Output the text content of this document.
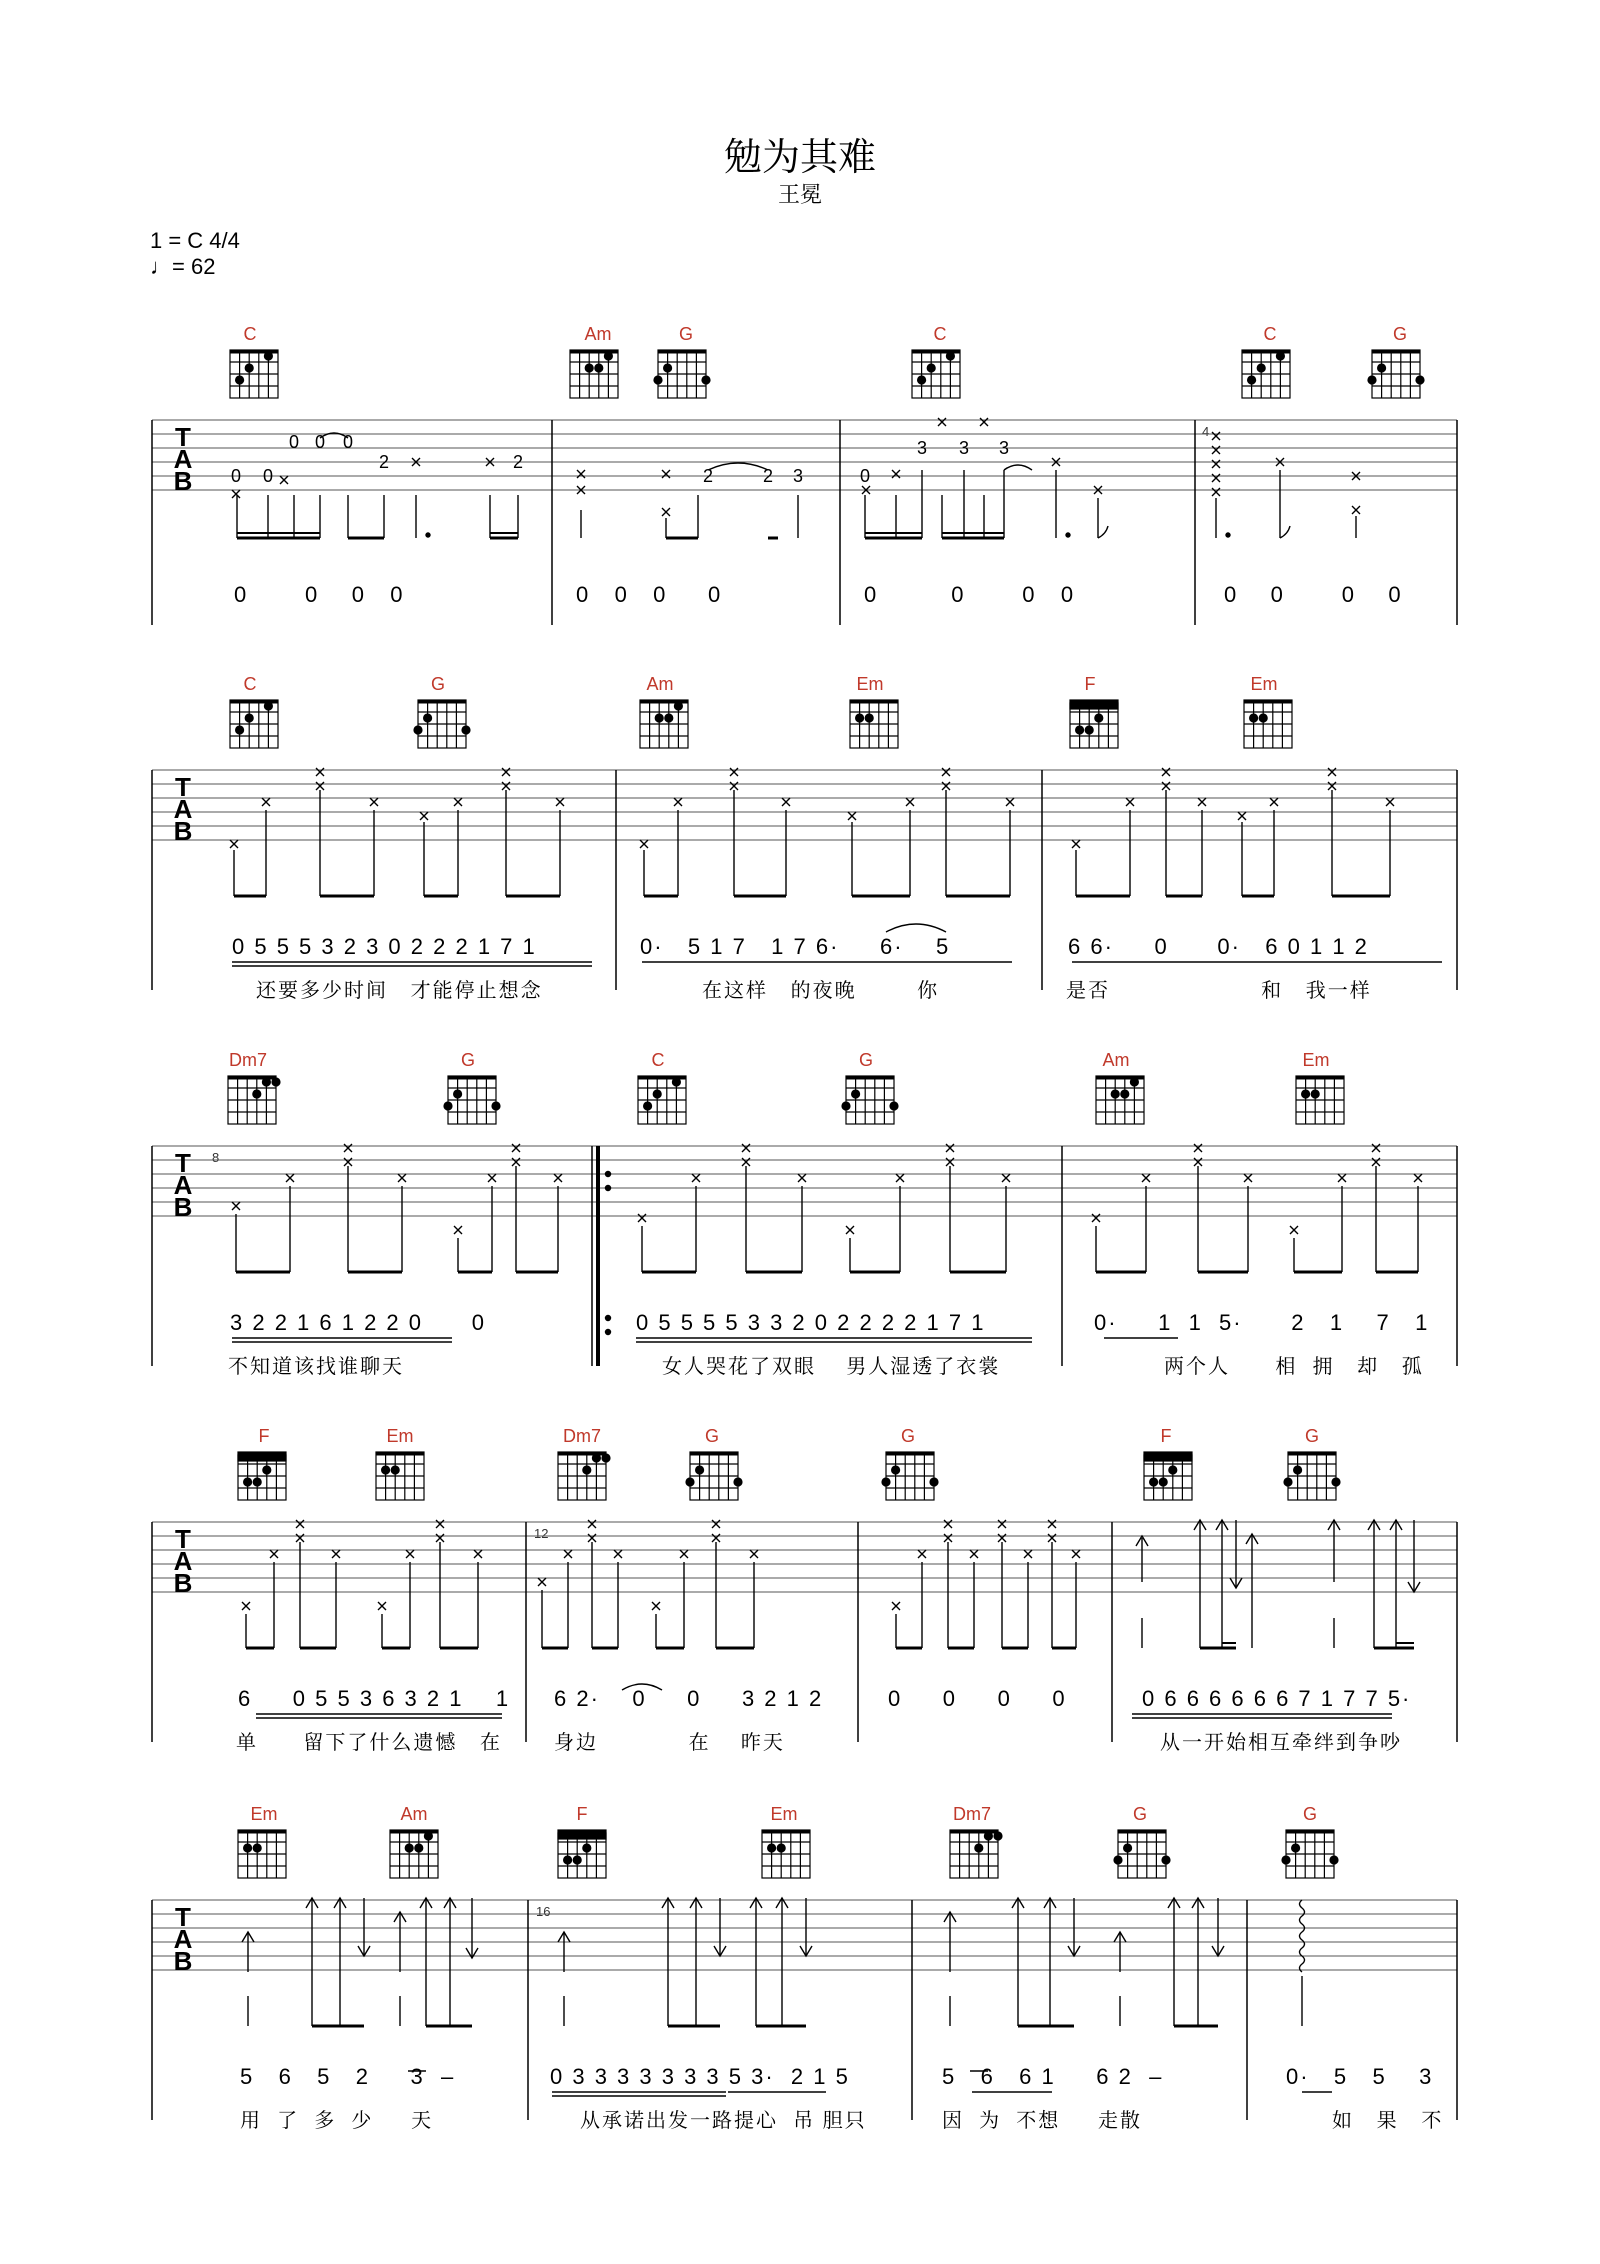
勉为其难
王冕
1 = C 4/4
♩= 62
C	Am	G	C	C	G
4
0 0
0 0 0
2	2
2	2 3	0
3 3 3
T
A
B
0       0    0   0	0   0   0     0	0         0       0   0	0    0       0    0
C	G	Am	Em	F	Em
T
A
B
0 5 5 5 3 2 3 0 2 2 2 1 7 1	0·   5 1 7   1 7 6·     6·    5	6 6·     0      0·   6 0 1 1 2
还要多少时间   才能停止想念	在这样   的夜晚        你	是否                    和   我一样
Dm7	G	C	G	Am	Em
8
T
A
B
3 2 2 1 6 1 2 2 0      0	0 5 5 5 5 3 3 2 0 2 2 2 2 1 7 1	0·     1  1  5·      2   1    7   1
不知道该找谁聊天	女人哭花了双眼    男人湿透了衣裳	两个人      相  拥   却   孤
F	Em	Dm7	G	G	F	G
12
T
A
B
6     0 5 5 3 6 3 2 1    1 6 2·    0     0     3 2 1 2	0     0     0     0	0 6 6 6 6 6 6 7 1 7 7 5·
单      留下了什么遗憾   在	身边            在    昨天	从一开始相互牵绊到争吵
Em	Am	F	Em	Dm7	G	G
16
T
A
B
5   6   5   2     3  –	0 3 3 3 3 3 3 3 5 3·  2 1 5	5   6   6 1     6 2  –	0·   5   5    3
用  了  多  少     天	从承诺出发一路提心  吊 胆只	因  为  不想     走散	如   果   不
